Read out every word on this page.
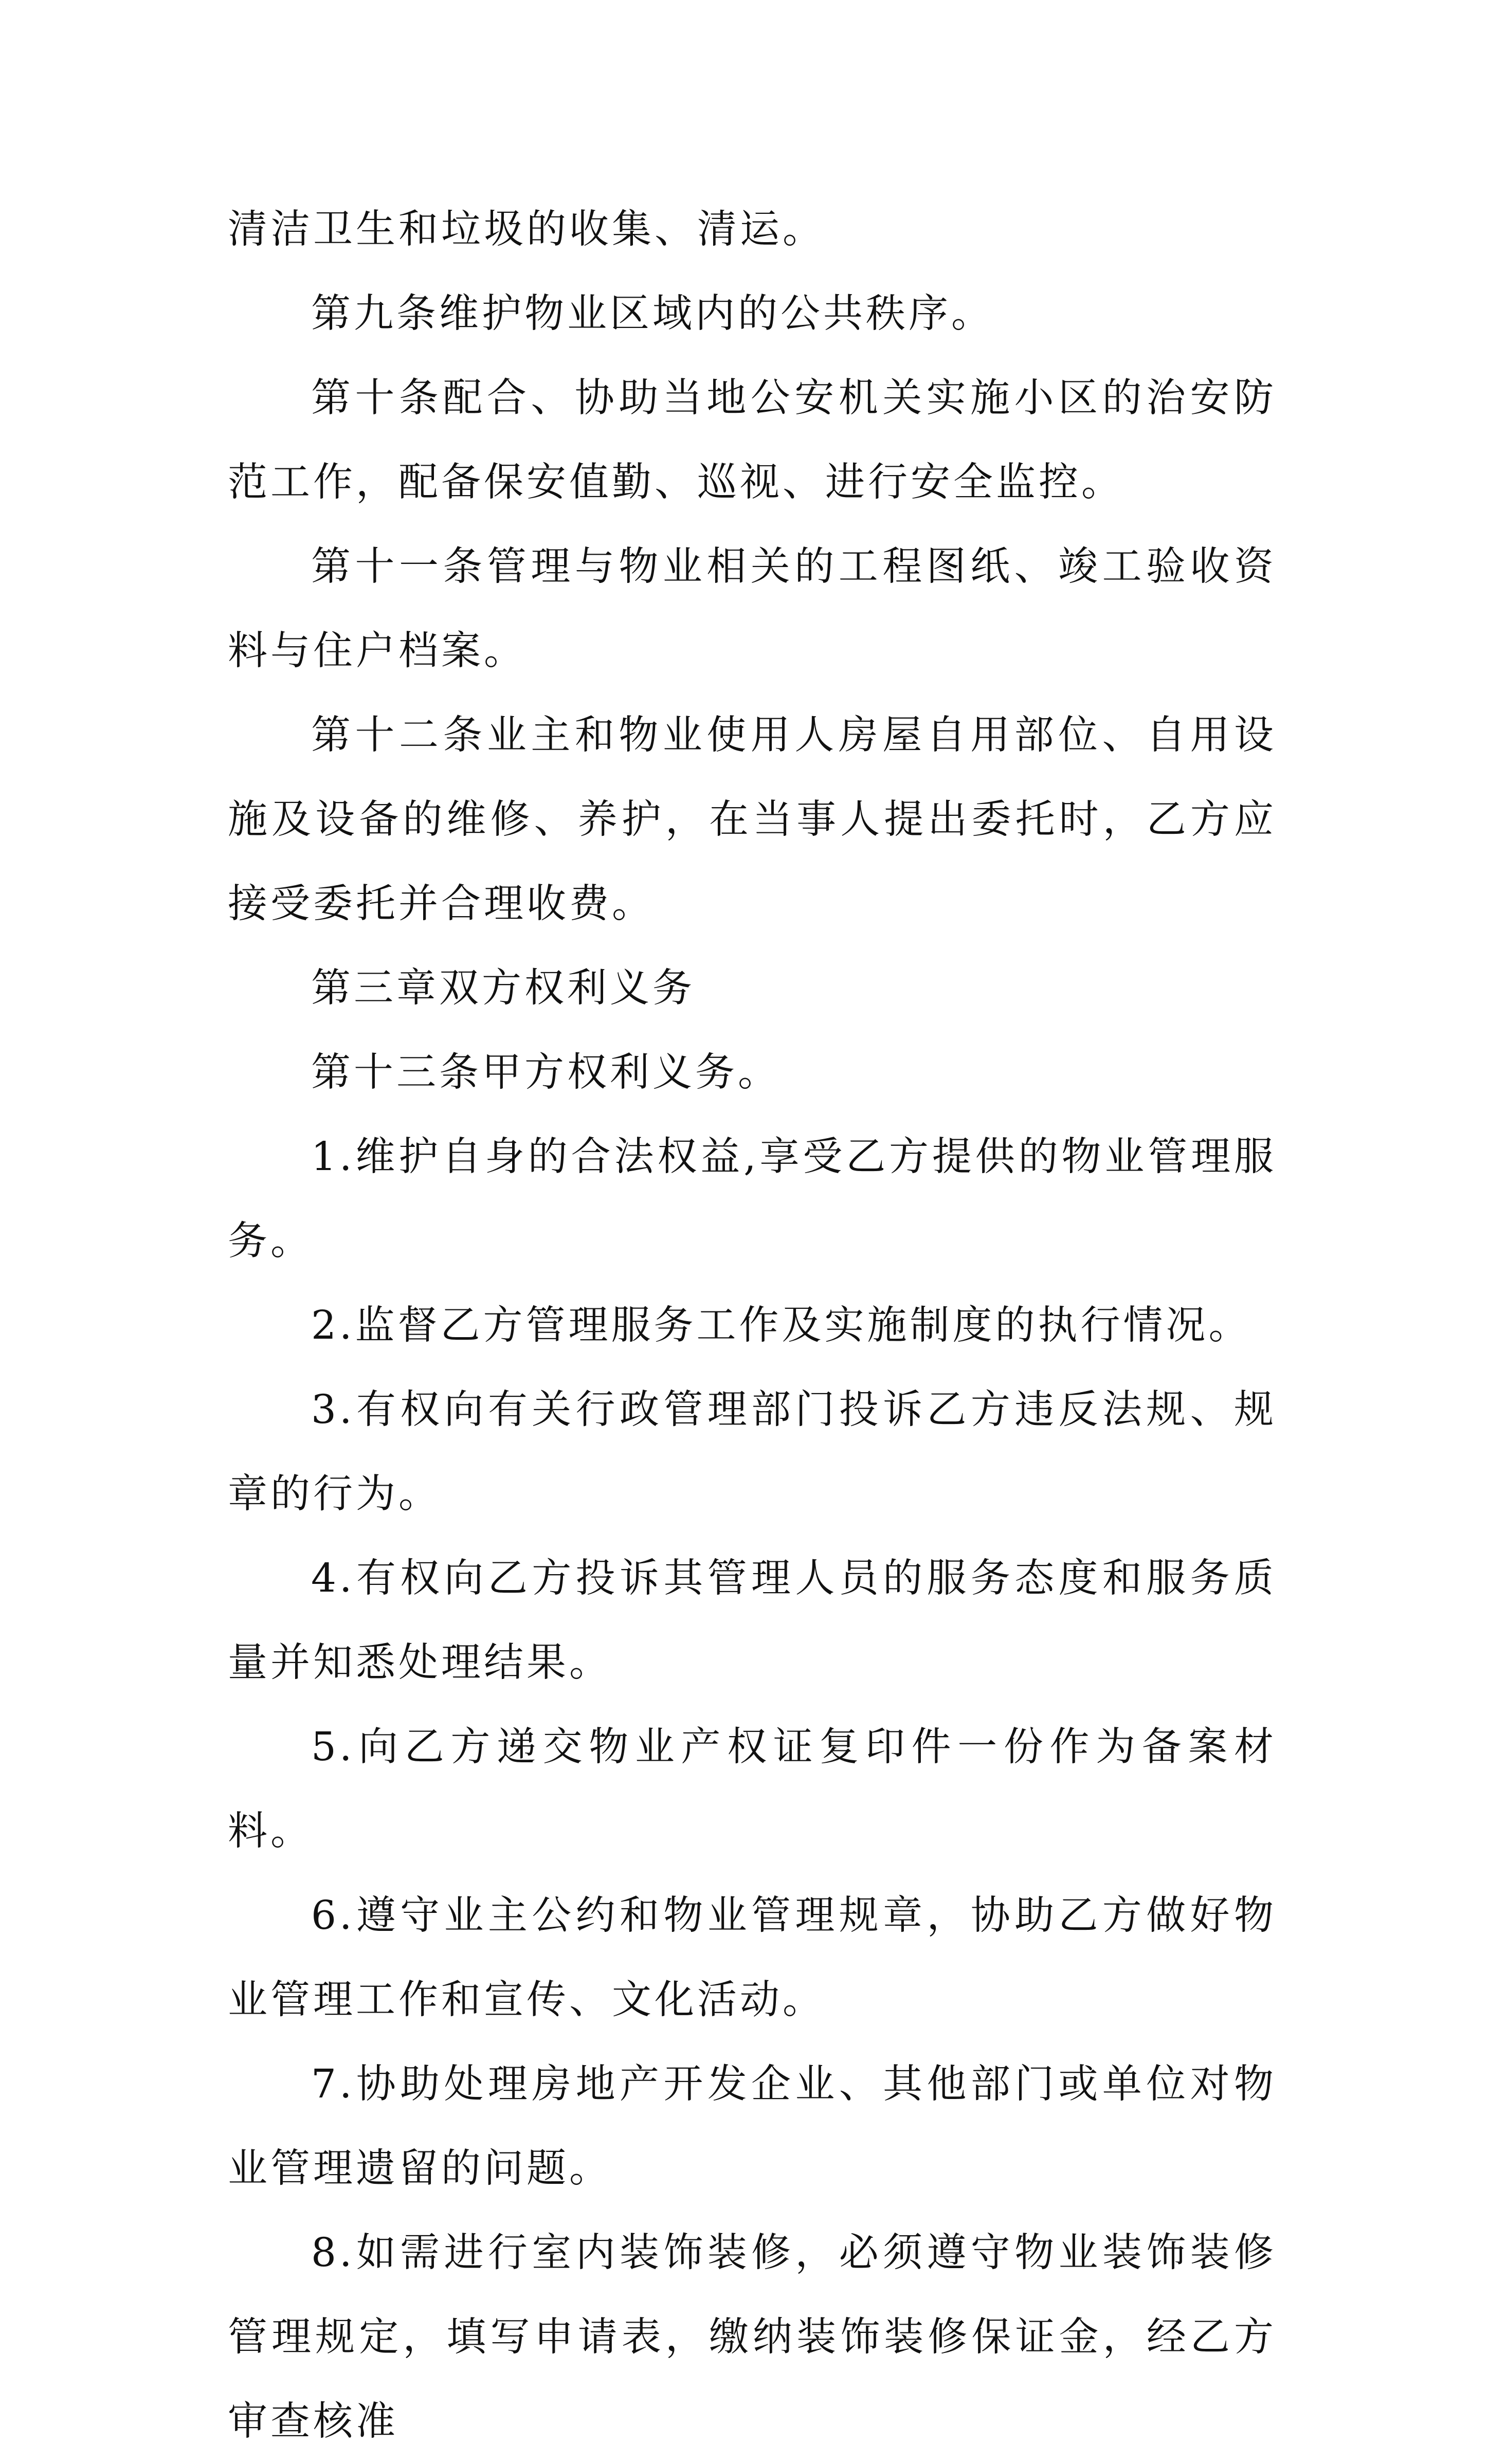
清洁卫生和垃圾的收集、清运。

第九条维护物业区域内的公共秩序。

第十条配合、协助当地公安机关实施小区的治安防范工作，配备保安值勤、巡视、进行安全监控。

第十一条管理与物业相关的工程图纸、竣工验收资料与住户档案。

第十二条业主和物业使用人房屋自用部位、自用设施及设备的维修、养护，在当事人提出委托时，乙方应接受委托并合理收费。

第三章双方权利义务

第十三条甲方权利义务。

1.维护自身的合法权益,享受乙方提供的物业管理服务。

2.监督乙方管理服务工作及实施制度的执行情况。

3.有权向有关行政管理部门投诉乙方违反法规、规章的行为。

4.有权向乙方投诉其管理人员的服务态度和服务质量并知悉处理结果。

5.向乙方递交物业产权证复印件一份作为备案材料。

6.遵守业主公约和物业管理规章，协助乙方做好物业管理工作和宣传、文化活动。

7.协助处理房地产开发企业、其他部门或单位对物业管理遗留的问题。

8.如需进行室内装饰装修，必须遵守物业装饰装修管理规定，填写申请表，缴纳装饰装修保证金，经乙方审查核准
